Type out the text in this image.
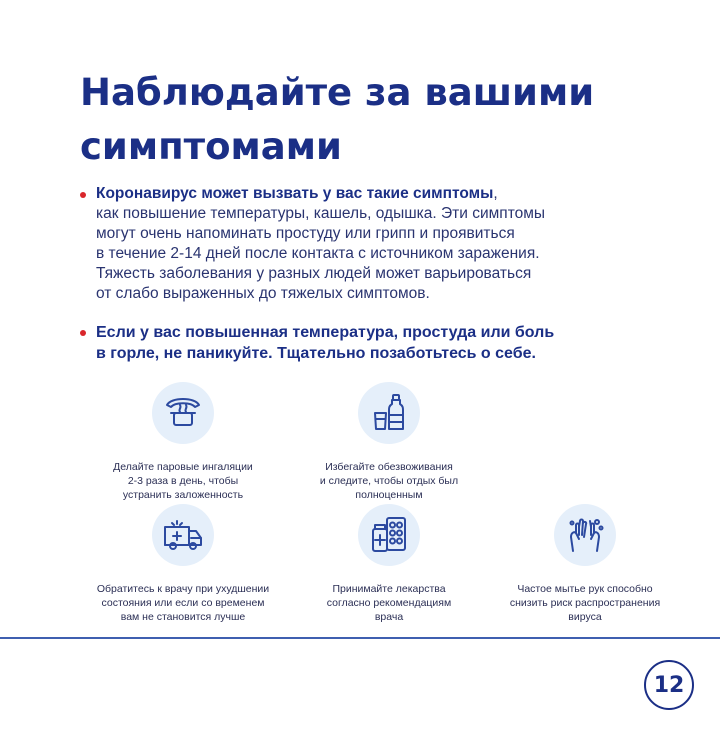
Наблюдайте за вашими
симптомами
Коронавирус может вызвать у вас такие симптомы,
как повышение температуры, кашель, одышка. Эти симптомы
могут очень напоминать простуду или грипп и проявиться
в течение 2-14 дней после контакта с источником заражения.
Тяжесть заболевания у разных людей может варьироваться
от слабо выраженных до тяжелых симптомов.
Если у вас повышенная температура, простуда или боль
в горле, не паникуйте. Тщательно позаботьтесь о себе.
Делайте паровые ингаляции
2-3 раза в день, чтобы
устранить заложенность
Избегайте обезвоживания
и следите, чтобы отдых был
полноценным
Обратитесь к врачу при ухудшении
состояния или если со временем
вам не становится лучше
Принимайте лекарства
согласно рекомендациям
врача
Частое мытье рук способно
снизить риск распространения
вируса
12
